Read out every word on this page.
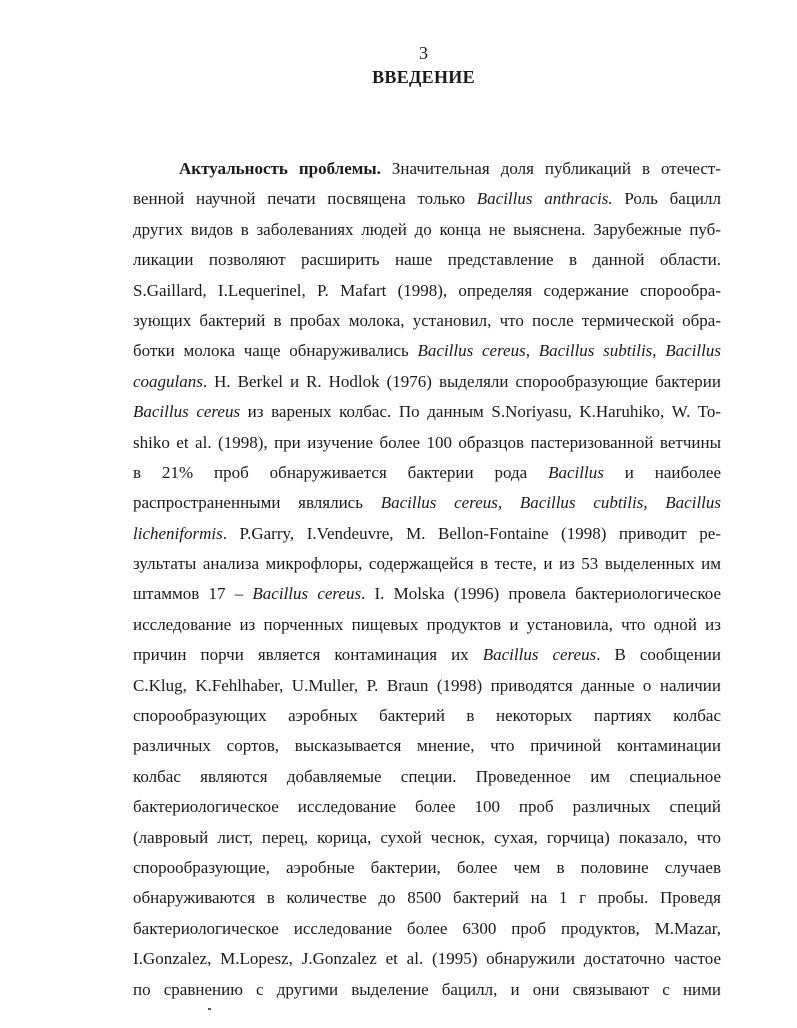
3
ВВЕДЕНИЕ
Актуальность проблемы. Значительная доля публикаций в отечест-
венной научной печати посвящена только Bacillus anthracis. Роль бацилл
других видов в заболеваниях людей до конца не выяснена. Зарубежные пуб-
ликации позволяют расширить наше представление в данной области.
S.Gaillard, I.Lequerinel, P. Mafart (1998), определяя содержание спорообра-
зующих бактерий в пробах молока, установил, что после термической обра-
ботки молока чаще обнаруживались Bacillus cereus, Bacillus subtilis, Bacillus
coagulans. H. Berkel и R. Hodlok (1976) выделяли спорообразующие бактерии
Bacillus cereus из вареных колбас. По данным S.Noriyasu, K.Haruhiko, W. To-
shiko et al. (1998), при изучение более 100 образцов пастеризованной ветчины
в 21% проб обнаруживается бактерии рода Bacillus и наиболее
распространенными являлись Bacillus cereus, Bacillus cubtilis, Bacillus
licheniformis. P.Garry, I.Vendeuvre, M. Bellon-Fontaine (1998) приводит ре-
зультаты анализа микрофлоры, содержащейся в тесте, и из 53 выделенных им
штаммов 17 – Bacillus cereus. I. Molska (1996) провела бактериологическое
исследование из порченных пищевых продуктов и установила, что одной из
причин порчи является контаминация их Bacillus cereus. В сообщении
C.Klug, K.Fehlhaber, U.Muller, P. Braun (1998) приводятся данные о наличии
спорообразующих аэробных бактерий в некоторых партиях колбас
различных сортов, высказывается мнение, что причиной контаминации
колбас являются добавляемые специи. Проведенное им специальное
бактериологическое исследование более 100 проб различных специй
(лавровый лист, перец, корица, сухой чеснок, сухая, горчица) показало, что
спорообразующие, аэробные бактерии, более чем в половине случаев
обнаруживаются в количестве до 8500 бактерий на 1 г пробы. Проведя
бактериологическое исследование более 6300 проб продуктов, M.Mazar,
I.Gonzalez, M.Lopesz, J.Gonzalez et al. (1995) обнаружили достаточно частое
по сравнению с другими выделение бацилл, и они связывают с ними
